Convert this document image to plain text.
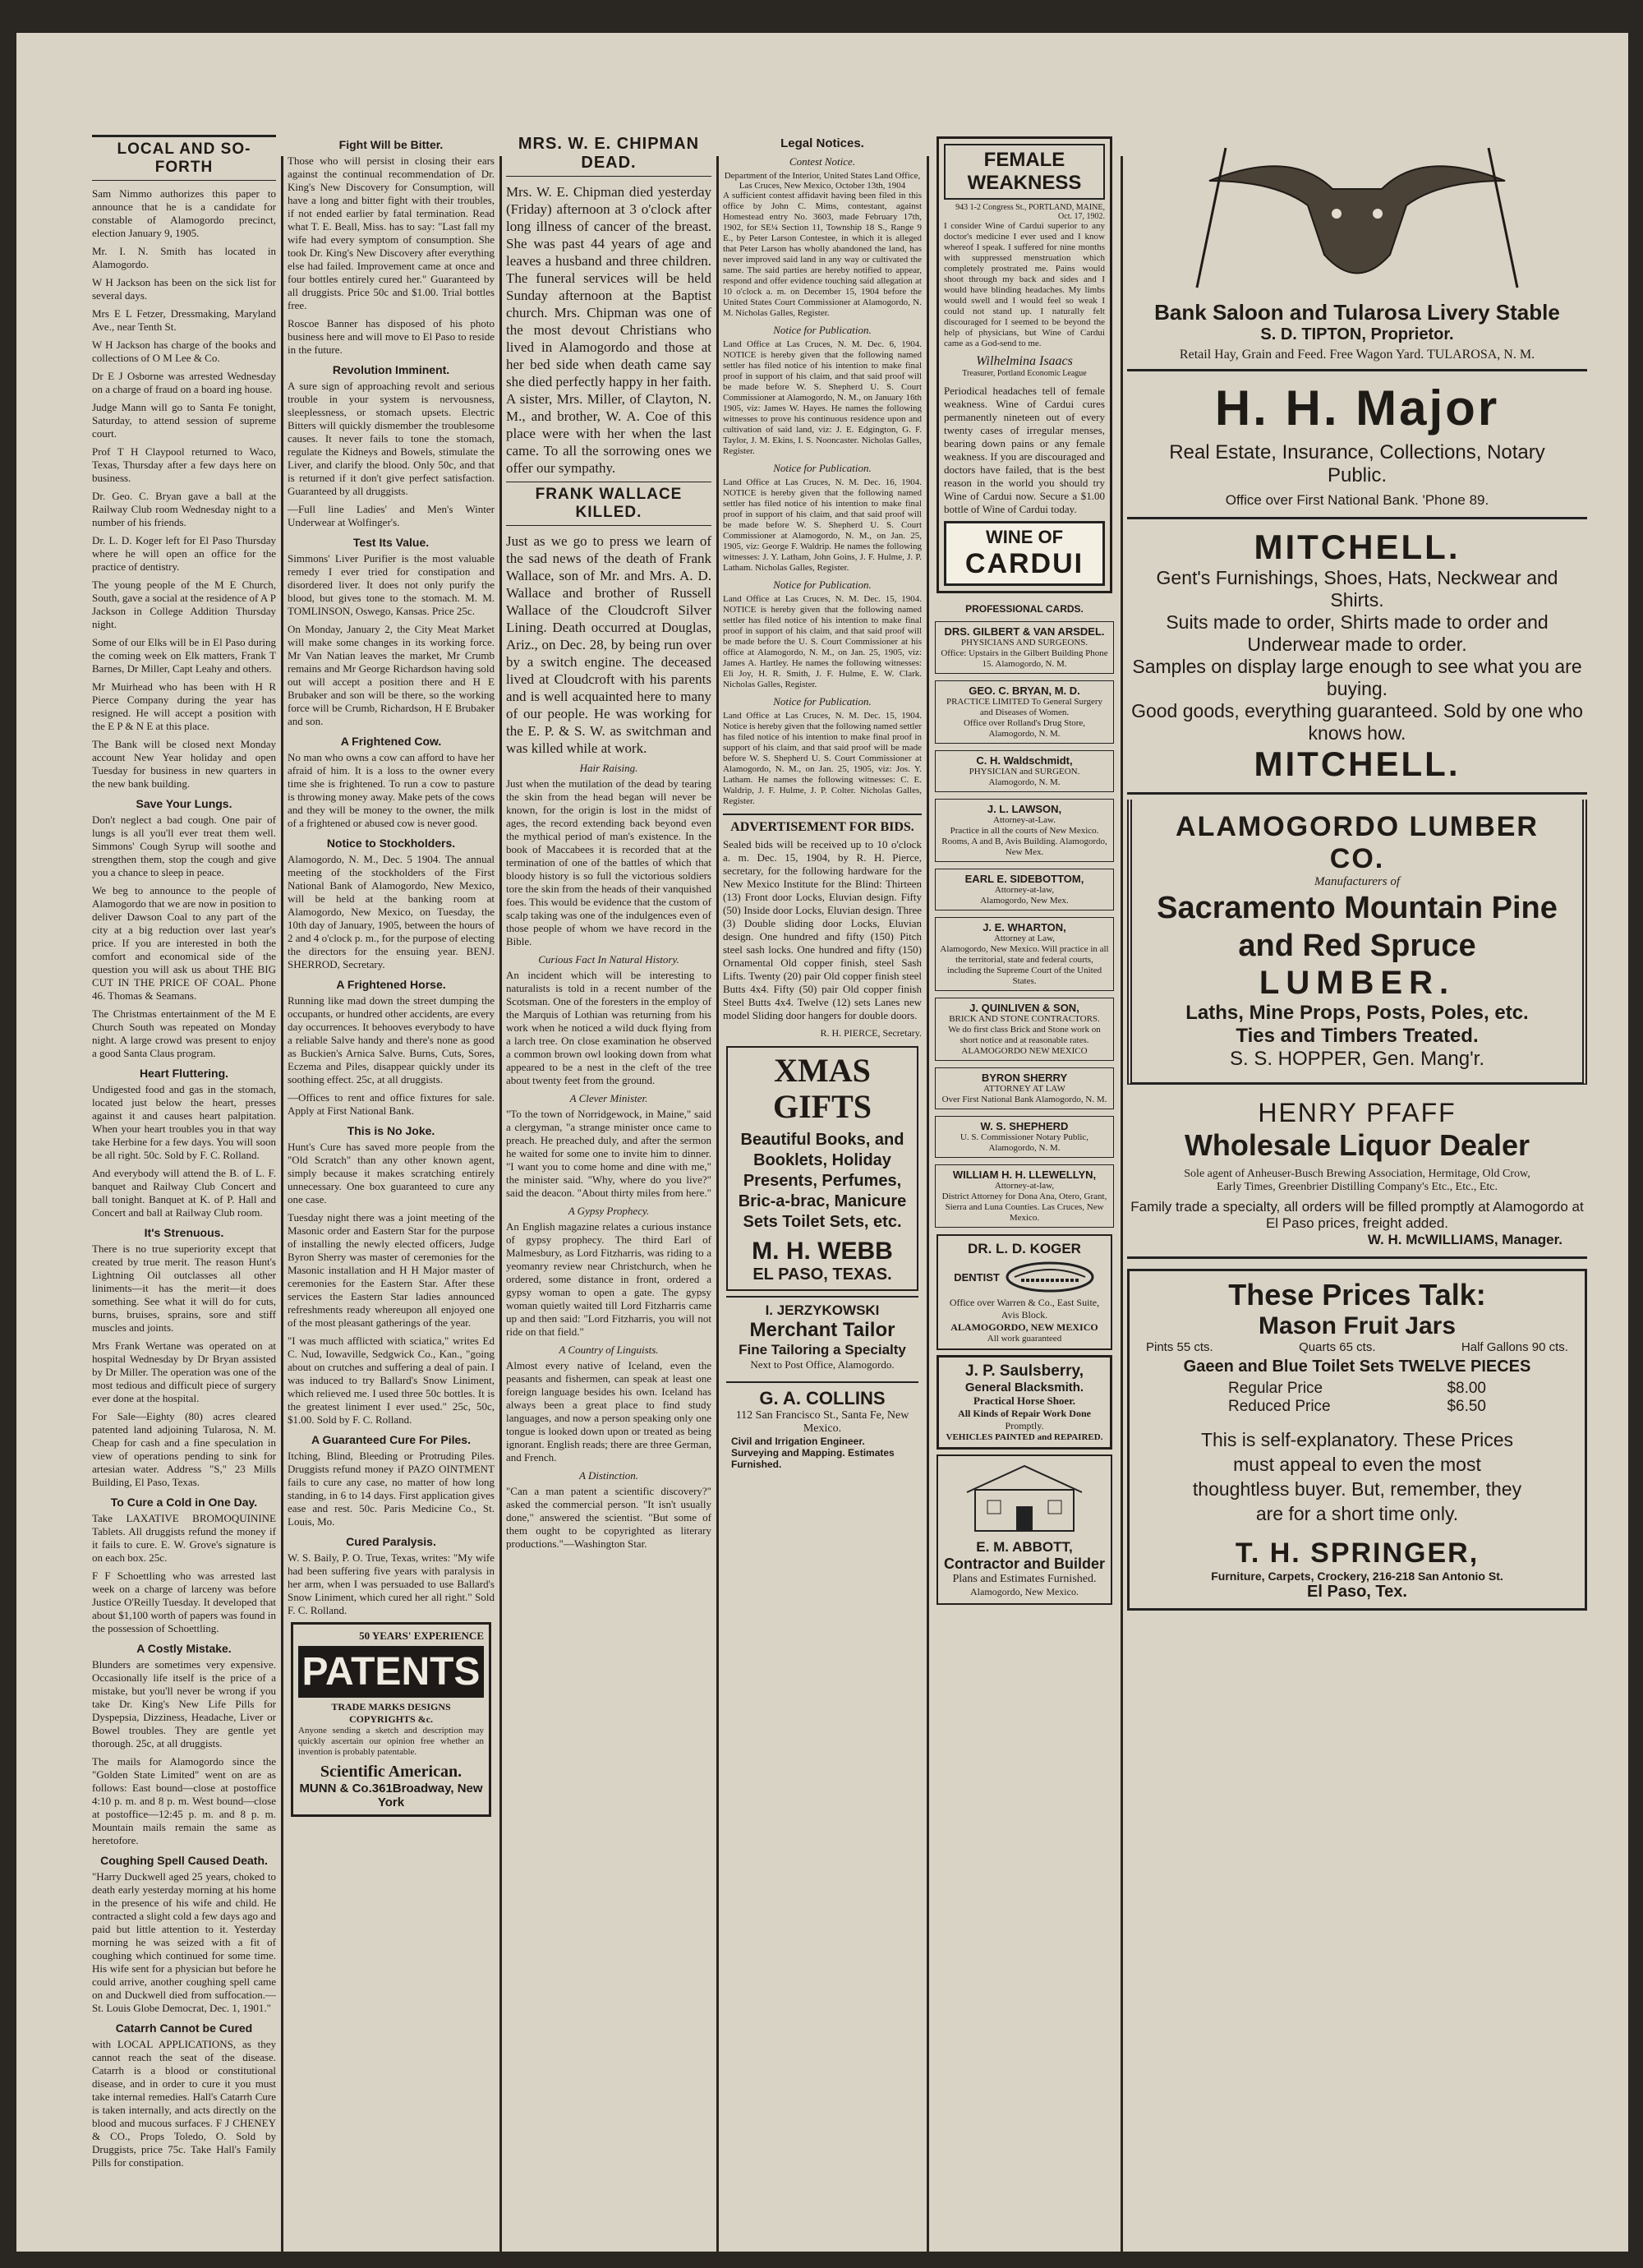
LOCAL AND SO-FORTH

Sam Nimmo authorizes this paper to announce that he is a candidate for constable of Alamogordo precinct, election January 9, 1905.

Mr. I. N. Smith has located in Alamogordo.

W H Jackson has been on the sick list for several days.

Mrs E L Fetzer, Dressmaking, Maryland Ave., near Tenth St.

W H Jackson has charge of the books and collections of O M Lee & Co.

Dr E J Osborne was arrested Wednesday on a charge of fraud on a board ing house.

Judge Mann will go to Santa Fe tonight, Saturday, to attend session of supreme court.

Prof T H Claypool returned to Waco, Texas, Thursday after a few days here on business.

Dr. Geo. C. Bryan gave a ball at the Railway Club room Wednesday night to a number of his friends.

Dr. L. D. Koger left for El Paso Thursday where he will open an office for the practice of dentistry.

The young people of the M E Church, South, gave a social at the residence of A P Jackson in College Addition Thursday night.

Some of our Elks will be in El Paso during the coming week on Elk matters, Frank T Barnes, Dr Miller, Capt Leahy and others.

Mr Muirhead who has been with H R Pierce Company during the year has resigned. He will accept a position with the E P & N E at this place.

The Bank will be closed next Monday account New Year holiday and open Tuesday for business in new quarters in the new bank building.

Save Your Lungs.

Don't neglect a bad cough. One pair of lungs is all you'll ever treat them well. Simmons' Cough Syrup will soothe and strengthen them, stop the cough and give you a chance to sleep in peace.

We beg to announce to the people of Alamogordo that we are now in position to deliver Dawson Coal to any part of the city at a big reduction over last year's price. If you are interested in both the comfort and economical side of the question you will ask us about THE BIG CUT IN THE PRICE OF COAL. Phone 46. Thomas & Seamans.

The Christmas entertainment of the M E Church South was repeated on Monday night. A large crowd was present to enjoy a good Santa Claus program.

Heart Fluttering.

Undigested food and gas in the stomach, located just below the heart, presses against it and causes heart palpitation. When your heart troubles you in that way take Herbine for a few days. You will soon be all right. 50c. Sold by F. C. Rolland.

And everybody will attend the B. of L. F. banquet and Railway Club Concert and ball tonight. Banquet at K. of P. Hall and Concert and ball at Railway Club room.

It's Strenuous.

There is no true superiority except that created by true merit. The reason Hunt's Lightning Oil outclasses all other liniments—it has the merit—it does something. See what it will do for cuts, burns, bruises, sprains, sore and stiff muscles and joints.

Mrs Frank Wertane was operated on at hospital Wednesday by Dr Bryan assisted by Dr Miller. The operation was one of the most tedious and difficult piece of surgery ever done at the hospital.

For Sale—Eighty (80) acres cleared patented land adjoining Tularosa, N. M. Cheap for cash and a fine speculation in view of operations pending to sink for artesian water. Address "S," 23 Mills Building, El Paso, Texas.

To Cure a Cold in One Day.

Take LAXATIVE BROMOQUININE Tablets. All druggists refund the money if it fails to cure. E. W. Grove's signature is on each box. 25c.

F F Schoettling who was arrested last week on a charge of larceny was before Justice O'Reilly Tuesday. It developed that about $1,100 worth of papers was found in the possession of Schoettling.

A Costly Mistake.

Blunders are sometimes very expensive. Occasionally life itself is the price of a mistake, but you'll never be wrong if you take Dr. King's New Life Pills for Dyspepsia, Dizziness, Headache, Liver or Bowel troubles. They are gentle yet thorough. 25c, at all druggists.

The mails for Alamogordo since the "Golden State Limited" went on are as follows: East bound—close at postoffice 4:10 p. m. and 8 p. m. West bound—close at postoffice—12:45 p. m. and 8 p. m. Mountain mails remain the same as heretofore.

Coughing Spell Caused Death.

"Harry Duckwell aged 25 years, choked to death early yesterday morning at his home in the presence of his wife and child. He contracted a slight cold a few days ago and paid but little attention to it. Yesterday morning he was seized with a fit of coughing which continued for some time. His wife sent for a physician but before he could arrive, another coughing spell came on and Duckwell died from suffocation.—St. Louis Globe Democrat, Dec. 1, 1901."

Catarrh Cannot be Cured

with LOCAL APPLICATIONS, as they cannot reach the seat of the disease. Catarrh is a blood or constitutional disease, and in order to cure it you must take internal remedies. Hall's Catarrh Cure is taken internally, and acts directly on the blood and mucous surfaces. F J CHENEY & CO., Props Toledo, O. Sold by Druggists, price 75c. Take Hall's Family Pills for constipation.

Fight Will be Bitter.

Those who will persist in closing their ears against the continual recommendation of Dr. King's New Discovery for Consumption, will have a long and bitter fight with their troubles, if not ended earlier by fatal termination. Read what T. E. Beall, Miss. has to say: "Last fall my wife had every symptom of consumption. She took Dr. King's New Discovery after everything else had failed. Improvement came at once and four bottles entirely cured her." Guaranteed by all druggists. Price 50c and $1.00. Trial bottles free.

Roscoe Banner has disposed of his photo business here and will move to El Paso to reside in the future.

Revolution Imminent.

A sure sign of approaching revolt and serious trouble in your system is nervousness, sleeplessness, or stomach upsets. Electric Bitters will quickly dismember the troublesome causes. It never fails to tone the stomach, regulate the Kidneys and Bowels, stimulate the Liver, and clarify the blood. Only 50c, and that is returned if it don't give perfect satisfaction. Guaranteed by all druggists.

—Full line Ladies' and Men's Winter Underwear at Wolfinger's.

Test Its Value.

Simmons' Liver Purifier is the most valuable remedy I ever tried for constipation and disordered liver. It does not only purify the blood, but gives tone to the stomach. M. M. TOMLINSON, Oswego, Kansas. Price 25c.

On Monday, January 2, the City Meat Market will make some changes in its working force. Mr Van Natian leaves the market, Mr Crumb remains and Mr George Richardson having sold out will accept a position there and H E Brubaker and son will be there, so the working force will be Crumb, Richardson, H E Brubaker and son.

A Frightened Cow.

No man who owns a cow can afford to have her afraid of him. It is a loss to the owner every time she is frightened. To run a cow to pasture is throwing money away. Make pets of the cows and they will be money to the owner, the milk of a frightened or abused cow is never good.

Notice to Stockholders.

Alamogordo, N. M., Dec. 5 1904. The annual meeting of the stockholders of the First National Bank of Alamogordo, New Mexico, will be held at the banking room at Alamogordo, New Mexico, on Tuesday, the 10th day of January, 1905, between the hours of 2 and 4 o'clock p. m., for the purpose of electing the directors for the ensuing year. BENJ. SHERROD, Secretary.

A Frightened Horse.

Running like mad down the street dumping the occupants, or hundred other accidents, are every day occurrences. It behooves everybody to have a reliable Salve handy and there's none as good as Buckien's Arnica Salve. Burns, Cuts, Sores, Eczema and Piles, disappear quickly under its soothing effect. 25c, at all druggists.

—Offices to rent and office fixtures for sale. Apply at First National Bank.

This is No Joke.

Hunt's Cure has saved more people from the "Old Scratch" than any other known agent, simply because it makes scratching entirely unnecessary. One box guaranteed to cure any one case.

Tuesday night there was a joint meeting of the Masonic order and Eastern Star for the purpose of installing the newly elected officers, Judge Byron Sherry was master of ceremonies for the Masonic installation and H H Major master of ceremonies for the Eastern Star. After these services the Eastern Star ladies announced refreshments ready whereupon all enjoyed one of the most pleasant gatherings of the year.

"I was much afflicted with sciatica," writes Ed C. Nud, Iowaville, Sedgwick Co., Kan., "going about on crutches and suffering a deal of pain. I was induced to try Ballard's Snow Liniment, which relieved me. I used three 50c bottles. It is the greatest liniment I ever used." 25c, 50c, $1.00. Sold by F. C. Rolland.

A Guaranteed Cure For Piles.

Itching, Blind, Bleeding or Protruding Piles. Druggists refund money if PAZO OINTMENT fails to cure any case, no matter of how long standing, in 6 to 14 days. First application gives ease and rest. 50c. Paris Medicine Co., St. Louis, Mo.

Cured Paralysis.

W. S. Baily, P. O. True, Texas, writes: "My wife had been suffering five years with paralysis in her arm, when I was persuaded to use Ballard's Snow Liniment, which cured her all right." Sold F. C. Rolland.

50 YEARS' EXPERIENCE
PATENTS
TRADE MARKS DESIGNS COPYRIGHTS &c.

Anyone sending a sketch and description may quickly ascertain our opinion free whether an invention is probably patentable.

Scientific American.
MUNN & Co.361Broadway, New York
MRS. W. E. CHIPMAN DEAD.

Mrs. W. E. Chipman died yesterday (Friday) afternoon at 3 o'clock after long illness of cancer of the breast. She was past 44 years of age and leaves a husband and three children. The funeral services will be held Sunday afternoon at the Baptist church. Mrs. Chipman was one of the most devout Christians who lived in Alamogordo and those at her bed side when death came say she died perfectly happy in her faith. A sister, Mrs. Miller, of Clayton, N. M., and brother, W. A. Coe of this place were with her when the last came. To all the sorrowing ones we offer our sympathy.

FRANK WALLACE KILLED.

Just as we go to press we learn of the sad news of the death of Frank Wallace, son of Mr. and Mrs. A. D. Wallace and brother of Russell Wallace of the Cloudcroft Silver Lining. Death occurred at Douglas, Ariz., on Dec. 28, by being run over by a switch engine. The deceased lived at Cloudcroft with his parents and is well acquainted here to many of our people. He was working for the E. P. & S. W. as switchman and was killed while at work.

Hair Raising.

Just when the mutilation of the dead by tearing the skin from the head began will never be known, for the origin is lost in the midst of ages, the record extending back beyond even the mythical period of man's existence. In the book of Maccabees it is recorded that at the termination of one of the battles of which that bloody history is so full the victorious soldiers tore the skin from the heads of their vanquished foes. This would be evidence that the custom of scalp taking was one of the indulgences even of those people of whom we have record in the Bible.

Curious Fact In Natural History.

An incident which will be interesting to naturalists is told in a recent number of the Scotsman. One of the foresters in the employ of the Marquis of Lothian was returning from his work when he noticed a wild duck flying from a larch tree. On close examination he observed a common brown owl looking down from what appeared to be a nest in the cleft of the tree about twenty feet from the ground.

A Clever Minister.

"To the town of Norridgewock, in Maine," said a clergyman, "a strange minister once came to preach. He preached duly, and after the sermon he waited for some one to invite him to dinner. "I want you to come home and dine with me," the minister said. "Why, where do you live?" said the deacon. "About thirty miles from here."

A Gypsy Prophecy.

An English magazine relates a curious instance of gypsy prophecy. The third Earl of Malmesbury, as Lord Fitzharris, was riding to a yeomanry review near Christchurch, when he ordered, some distance in front, ordered a gypsy woman to open a gate. The gypsy woman quietly waited till Lord Fitzharris came up and then said: "Lord Fitzharris, you will not ride on that field."

A Country of Linguists.

Almost every native of Iceland, even the peasants and fishermen, can speak at least one foreign language besides his own. Iceland has always been a great place to find study languages, and now a person speaking only one tongue is looked down upon or treated as being ignorant. English reads; there are three German, and French.

A Distinction.

"Can a man patent a scientific discovery?" asked the commercial person. "It isn't usually done," answered the scientist. "But some of them ought to be copyrighted as literary productions."—Washington Star.

Legal Notices.
Contest Notice.
Department of the Interior, United States Land Office, Las Cruces, New Mexico, October 13th, 1904

A sufficient contest affidavit having been filed in this office by John C. Mims, contestant, against Homestead entry No. 3603, made February 17th, 1902, for SE¼ Section 11, Township 18 S., Range 9 E., by Peter Larson Contestee, in which it is alleged that Peter Larson has wholly abandoned the land, has never improved said land in any way or cultivated the same. The said parties are hereby notified to appear, respond and offer evidence touching said allegation at 10 o'clock a. m. on December 15, 1904 before the United States Court Commissioner at Alamogordo, N. M. Nicholas Galles, Register.

Notice for Publication.

Land Office at Las Cruces, N. M. Dec. 6, 1904. NOTICE is hereby given that the following named settler has filed notice of his intention to make final proof in support of his claim, and that said proof will be made before W. S. Shepherd U. S. Court Commissioner at Alamogordo, N. M., on January 16th 1905, viz: James W. Hayes. He names the following witnesses to prove his continuous residence upon and cultivation of said land, viz: J. E. Edgington, G. F. Taylor, J. M. Ekins, I. S. Nooncaster. Nicholas Galles, Register.

Notice for Publication.

Land Office at Las Cruces, N. M. Dec. 16, 1904. NOTICE is hereby given that the following named settler has filed notice of his intention to make final proof in support of his claim, and that said proof will be made before W. S. Shepherd U. S. Court Commissioner at Alamogordo, N. M., on Jan. 25, 1905, viz: George F. Waldrip. He names the following witnesses: J. Y. Latham, John Goins, J. F. Hulme, J. P. Latham. Nicholas Galles, Register.

Notice for Publication.

Land Office at Las Cruces, N. M. Dec. 15, 1904. NOTICE is hereby given that the following named settler has filed notice of his intention to make final proof in support of his claim, and that said proof will be made before the U. S. Court Commissioner at his office at Alamogordo, N. M., on Jan. 25, 1905, viz: James A. Hartley. He names the following witnesses: Eli Joy, H. R. Smith, J. F. Hulme, E. W. Clark. Nicholas Galles, Register.

Notice for Publication.

Land Office at Las Cruces, N. M. Dec. 15, 1904. Notice is hereby given that the following named settler has filed notice of his intention to make final proof in support of his claim, and that said proof will be made before W. S. Shepherd U. S. Court Commissioner at Alamogordo, N. M., on Jan. 25, 1905, viz: Jos. Y. Latham. He names the following witnesses: C. E. Waldrip, J. F. Hulme, J. P. Colter. Nicholas Galles, Register.

ADVERTISEMENT FOR BIDS.

Sealed bids will be received up to 10 o'clock a. m. Dec. 15, 1904, by R. H. Pierce, secretary, for the following hardware for the New Mexico Institute for the Blind: Thirteen (13) Front door Locks, Eluvian design. Fifty (50) Inside door Locks, Eluvian design. Three (3) Double sliding door Locks, Eluvian design. One hundred and fifty (150) Pitch steel sash locks. One hundred and fifty (150) Ornamental Old copper finish, steel Sash Lifts. Twenty (20) pair Old copper finish steel Butts 4x4. Fifty (50) pair Old copper finish Steel Butts 4x4. Twelve (12) sets Lanes new model Sliding door hangers for double doors.

R. H. PIERCE, Secretary.
XMAS GIFTS
Beautiful Books, and Booklets, Holiday Presents, Perfumes, Bric-a-brac, Manicure Sets Toilet Sets, etc.
M. H. WEBB
EL PASO, TEXAS.
I. JERZYKOWSKI
Merchant Tailor
Fine Tailoring a Specialty
Next to Post Office, Alamogordo.
G. A. COLLINS
112 San Francisco St., Santa Fe, New Mexico.
Civil and Irrigation Engineer. Surveying and Mapping. Estimates Furnished.
FEMALE WEAKNESS
943 1-2 Congress St., PORTLAND, MAINE, Oct. 17, 1902.

I consider Wine of Cardui superior to any doctor's medicine I ever used and I know whereof I speak. I suffered for nine months with suppressed menstruation which completely prostrated me. Pains would shoot through my back and sides and I would have blinding headaches. My limbs would swell and I would feel so weak I could not stand up. I naturally felt discouraged for I seemed to be beyond the help of physicians, but Wine of Cardui came as a God-send to me.

Wilhelmina Isaacs
Treasurer, Portland Economic League

Periodical headaches tell of female weakness. Wine of Cardui cures permanently nineteen out of every twenty cases of irregular menses, bearing down pains or any female weakness. If you are discouraged and doctors have failed, that is the best reason in the world you should try Wine of Cardui now. Secure a $1.00 bottle of Wine of Cardui today.

WINE OF
CARDUI
PROFESSIONAL CARDS.
DRS. GILBERT & VAN ARSDEL.
PHYSICIANS AND SURGEONS.
Office: Upstairs in the Gilbert Building Phone 15. Alamogordo, N. M.
GEO. C. BRYAN, M. D.
PRACTICE LIMITED To General Surgery and Diseases of Women.
Office over Rolland's Drug Store, Alamogordo, N. M.
C. H. Waldschmidt,
PHYSICIAN and SURGEON.
Alamogordo, N. M.
J. L. LAWSON,
Attorney-at-Law.
Practice in all the courts of New Mexico. Rooms, A and B, Avis Building. Alamogordo, New Mex.
EARL E. SIDEBOTTOM,
Attorney-at-law,
Alamogordo, New Mex.
J. E. WHARTON,
Attorney at Law,
Alamogordo, New Mexico. Will practice in all the territorial, state and federal courts, including the Supreme Court of the United States.
J. QUINLIVEN & SON,
BRICK AND STONE CONTRACTORS.
We do first class Brick and Stone work on short notice and at reasonable rates. ALAMOGORDO NEW MEXICO
BYRON SHERRY
ATTORNEY AT LAW
Over First National Bank Alamogordo, N. M.
W. S. SHEPHERD
U. S. Commissioner Notary Public,
Alamogordo, N. M.
WILLIAM H. H. LLEWELLYN,
Attorney-at-law,
District Attorney for Dona Ana, Otero, Grant, Sierra and Luna Counties. Las Cruces, New Mexico.
DR. L. D. KOGER
DENTIST
Office over Warren & Co., East Suite, Avis Block.
ALAMOGORDO, NEW MEXICO
All work guaranteed
J. P. Saulsberry,
General Blacksmith.
Practical Horse Shoer.
All Kinds of Repair Work Done
Promptly.
VEHICLES PAINTED and REPAIRED.
E. M. ABBOTT,
Contractor and Builder
Plans and Estimates Furnished.
Alamogordo, New Mexico.
Bank Saloon and Tularosa Livery Stable
S. D. TIPTON, Proprietor.
Retail Hay, Grain and Feed. Free Wagon Yard. TULAROSA, N. M.
H. H. Major
Real Estate, Insurance, Collections, Notary Public.
Office over First National Bank. 'Phone 89.
MITCHELL.
Gent's Furnishings, Shoes, Hats, Neckwear and Shirts.
Suits made to order, Shirts made to order and Underwear made to order.
Samples on display large enough to see what you are buying.
Good goods, everything guaranteed. Sold by one who knows how.
MITCHELL.
ALAMOGORDO LUMBER CO.
Manufacturers of
Sacramento Mountain Pine and Red Spruce
LUMBER.
Laths, Mine Props, Posts, Poles, etc.
Ties and Timbers Treated.
S. S. HOPPER, Gen. Mang'r.
HENRY PFAFF
Wholesale Liquor Dealer
Sole agent of Anheuser-Busch Brewing Association, Hermitage, Old Crow, Early Times, Greenbrier Distilling Company's Etc., Etc., Etc.
Family trade a specialty, all orders will be filled promptly at Alamogordo at El Paso prices, freight added.
W. H. McWILLIAMS, Manager.
These Prices Talk:
Mason Fruit Jars
Pints 55 cts.	Quarts 65 cts.	Half Gallons 90 cts.
Gaeen and Blue Toilet Sets TWELVE PIECES
Regular Price	$8.00
Reduced Price	$6.50
This is self-explanatory. These Prices must appeal to even the most thoughtless buyer. But, remember, they are for a short time only.
T. H. SPRINGER,
Furniture, Carpets, Crockery, 216-218 San Antonio St.
El Paso, Tex.
